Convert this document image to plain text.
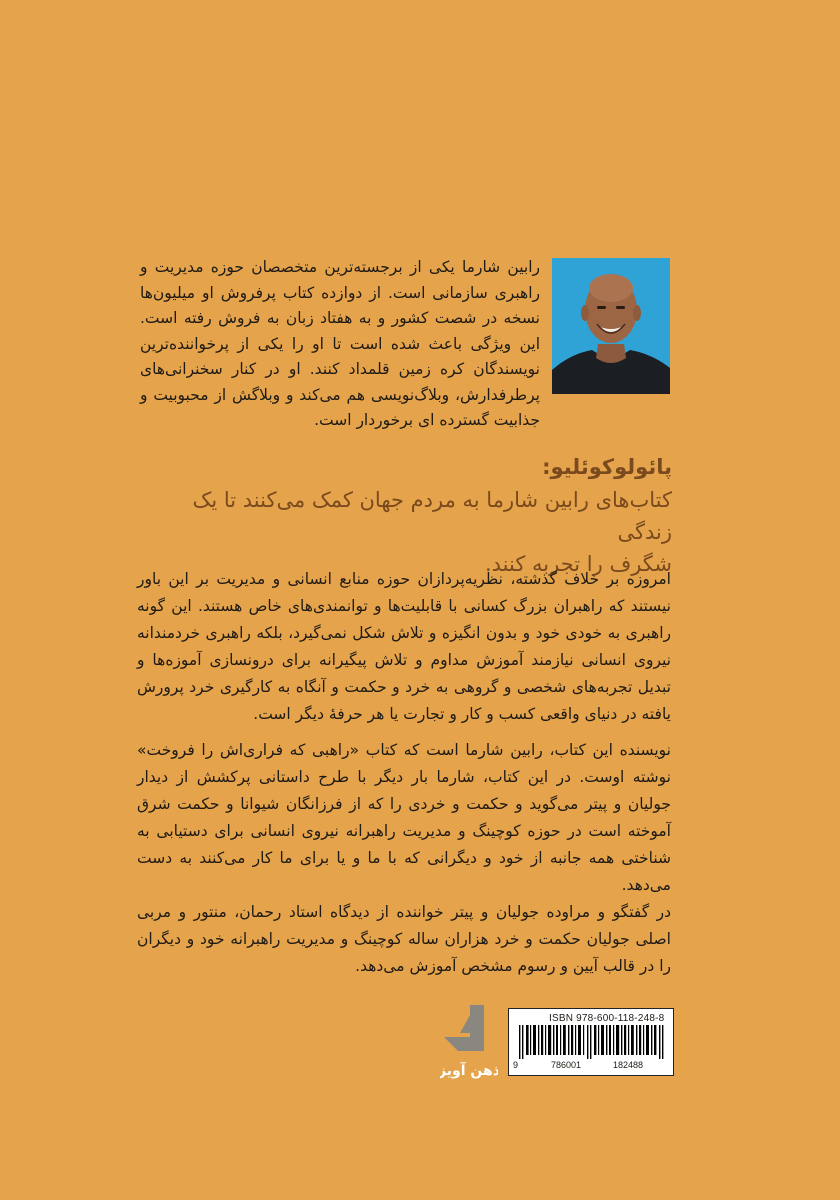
رابین شارما یکی از برجسته‌ترین متخصصان حوزه مدیریت و راهبری سازمانی است. از دوازده کتاب پرفروش او میلیون‌ها نسخه در شصت کشور و به هفتاد زبان به فروش رفته است. این ویژگی باعث شده است تا او را یکی از پرخواننده‌ترین نویسندگان کره زمین قلمداد کنند. او در کنار سخنرانی‌های پرطرفدارش، وبلاگ‌نویسی هم می‌کند و وبلاگش از محبوبیت و جذابیت گسترده ای برخوردار است.

پائولوکوئلیو:

کتاب‌های رابین شارما به مردم جهان کمک می‌کنند تا یک زندگی

شگرف را تجربه کنند.

امروزه بر خلاف گذشته، نظریه‌پردازان حوزه منابع انسانی و مدیریت بر این باور نیستند که راهبران بزرگ کسانی با قابلیت‌ها و توانمندی‌های خاص هستند. این گونه راهبری به خودی خود و بدون انگیزه و تلاش شکل نمی‌گیرد، بلکه راهبری خردمندانه نیروی انسانی نیازمند آموزش مداوم و تلاش پیگیرانه برای درونسازی آموزه‌ها و تبدیل تجربه‌های شخصی و گروهی به خرد و حکمت و آنگاه به کارگیری خرد پرورش یافته در دنیای واقعی کسب و کار و تجارت یا هر حرفهٔ دیگر است.

نویسنده این کتاب، رابین شارما است که کتاب «راهبی که فراری‌اش را فروخت» نوشته اوست. در این کتاب، شارما بار دیگر با طرح داستانی پرکشش از دیدار جولیان و پیتر می‌گوید و حکمت و خردی را که از فرزانگان شیوانا و حکمت شرق آموخته است در حوزه کوچینگ و مدیریت راهبرانه نیروی انسانی برای دستیابی به شناختی همه جانبه از خود و دیگرانی که با ما و یا برای ما کار می‌کنند به دست می‌دهد.

در گفتگو و مراوده جولیان و پیتر خواننده از دیدگاه استاد رحمان، منتور و مربی اصلی جولیان حکمت و خرد هزاران ساله کوچینگ و مدیریت راهبرانه خود و دیگران را در قالب آیین و رسوم مشخص آموزش می‌دهد.

ذهن آویز
ISBN 978-600-118-248-8
9	786001	182488
